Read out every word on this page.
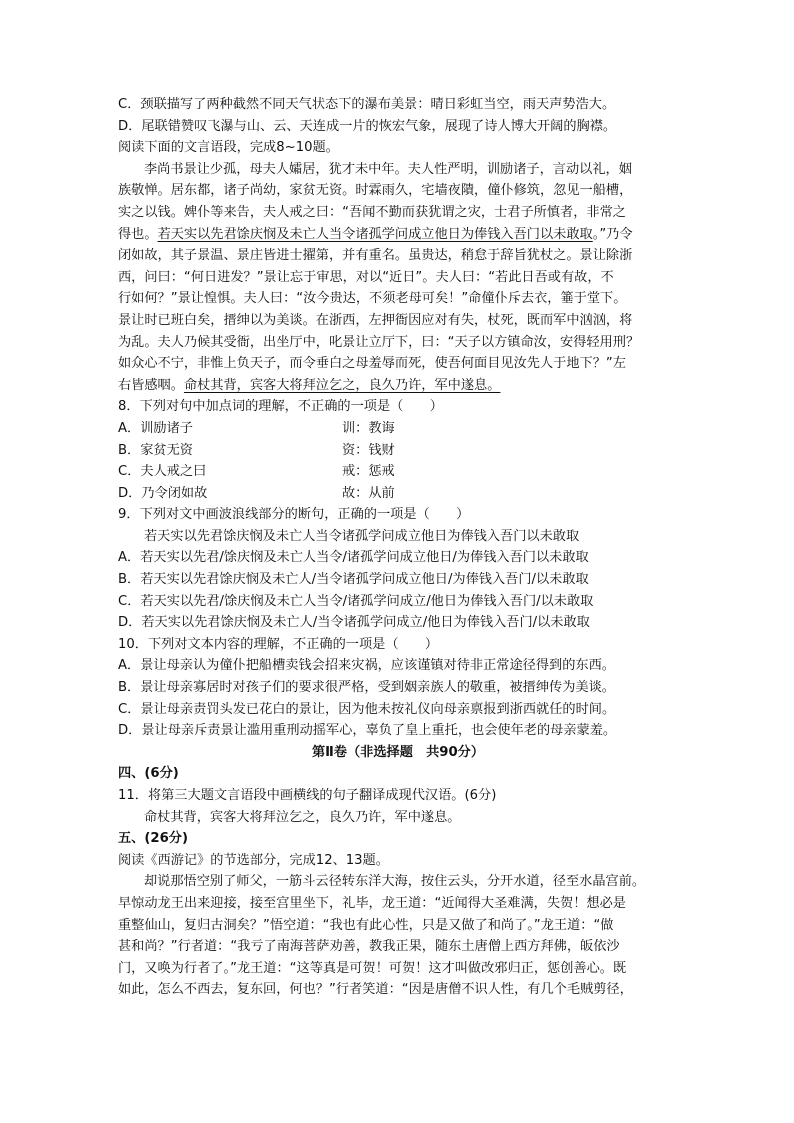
C．颈联描写了两种截然不同天气状态下的瀑布美景：晴日彩虹当空，雨天声势浩大。
D．尾联错赞叹飞瀑与山、云、天连成一片的恢宏气象，展现了诗人博大开阔的胸襟。
阅读下面的文言语段，完成8~10题。
李尚书景让少孤，母夫人孀居，犹才未中年。夫人性严明，训励诸子，言动以礼，姻
族敬惮。居东都，诸子尚幼，家贫无资。时霖雨久，宅墙夜隤，僮仆修筑，忽见一船槽，
实之以钱。婢仆等来告，夫人戒之曰：“吾闻不勤而获犹谓之灾，士君子所慎者，非常之
得也。若天实以先君馀庆悯及未亡人当令诸孤学问成立他日为俸钱入吾门以未敢取。”乃令
闭如故，其子景温、景庄皆进士擢第，并有重名。虽贵达，稍怠于辞旨犹杖之。景让除浙
西，问曰：“何日进发？”景让忘于审思，对以“近日”。夫人曰：“若此日吾或有故，不
行如何？”景让惶惧。夫人曰：“汝今贵达，不须老母可矣！”命僮仆斥去衣，箠于堂下。
景让时已班白矣，搢绅以为美谈。在浙西，左押衙因应对有失，杖死，既而军中汹汹，将
为乱。夫人乃候其受衙，出坐厅中，叱景让立厅下，曰：“天子以方镇命汝，安得轻用刑？
如众心不宁，非惟上负天子，而令垂白之母羞辱而死，使吾何面目见汝先人于地下？”左
右皆感咽。命杖其背，宾客大将拜泣乞之，良久乃许，军中遂息。
8．下列对句中加点词的理解，不正确的一项是（　　）
A．训励诸子	训：教诲
B．家贫无资	资：钱财
C．夫人戒之曰	戒：惩戒
D．乃令闭如故	故：从前
9．下列对文中画波浪线部分的断句，正确的一项是（　　）
若天实以先君馀庆悯及未亡人当令诸孤学问成立他日为俸钱入吾门以未敢取
A．若天实以先君/馀庆悯及未亡人当令/诸孤学问成立他日/为俸钱入吾门以未敢取
B．若天实以先君馀庆悯及未亡人/当令诸孤学问成立他日/为俸钱入吾门/以未敢取
C．若天实以先君/馀庆悯及未亡人当令/诸孤学问成立/他日为俸钱入吾门/以未敢取
D．若天实以先君馀庆悯及未亡人/当令诸孤学问成立/他日为俸钱入吾门/以未敢取
10．下列对文本内容的理解，不正确的一项是（　　）
A．景让母亲认为僮仆把船槽卖钱会招来灾祸，应该谨镇对待非正常途径得到的东西。
B．景让母亲寡居时对孩子们的要求很严格，受到姻亲族人的敬重，被搢绅传为美谈。
C．景让母亲责罚头发已花白的景让，因为他未按礼仪向母亲禀报到浙西就任的时间。
D．景让母亲斥责景让滥用重刑动摇军心，辜负了皇上重托，也会使年老的母亲蒙羞。
第Ⅱ卷（非选择题　共90分）
四、(6分)
11．将第三大题文言语段中画横线的句子翻译成现代汉语。(6分)
命杖其背，宾客大将拜泣乞之，良久乃许，军中遂息。
五、(26分)
阅读《西游记》的节选部分，完成12、13题。
却说那悟空别了师父，一筋斗云径转东洋大海，按住云头，分开水道，径至水晶宫前。
早惊动龙王出来迎接，接至宫里坐下，礼毕，龙王道：“近闻得大圣难满，失贺！想必是
重整仙山，复归古洞矣？”悟空道：“我也有此心性，只是又做了和尚了。”龙王道：“做
甚和尚？”行者道：“我亏了南海菩萨劝善，教我正果，随东土唐僧上西方拜佛，皈依沙
门，又唤为行者了。”龙王道：“这等真是可贺！可贺！这才叫做改邪归正，惩创善心。既
如此，怎么不西去，复东回，何也？”行者笑道：“因是唐僧不识人性，有几个毛贼剪径，
